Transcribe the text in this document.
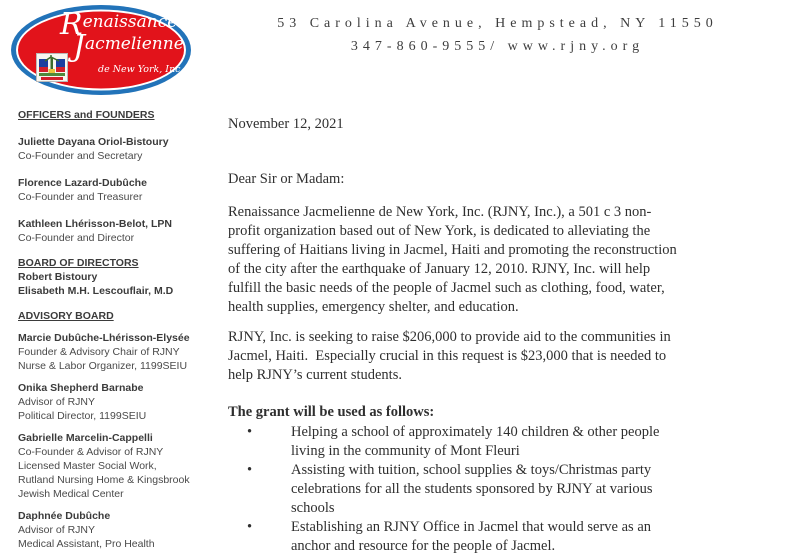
Renaissance
Jacmelienne
de New York, Inc.
53 Carolina Avenue, Hempstead, NY 11550
347-860-9555/ www.rjny.org
OFFICERS and FOUNDERS
Juliette Dayana Oriol-Bistoury
Co-Founder and Secretary
Florence Lazard-Dubûche
Co-Founder and Treasurer
Kathleen Lhérisson-Belot, LPN
Co-Founder and Director
BOARD OF DIRECTORS
Robert Bistoury
Elisabeth M.H. Lescouflair, M.D
ADVISORY BOARD
Marcie Dubûche-Lhérisson-Elysée
Founder & Advisory Chair of RJNY
Nurse & Labor Organizer, 1199SEIU
Onika Shepherd Barnabe
Advisor of RJNY
Political Director, 1199SEIU
Gabrielle Marcelin-Cappelli
Co-Founder & Advisor of RJNY
Licensed Master Social Work,
Rutland Nursing Home & Kingsbrook
Jewish Medical Center
Daphnée Dubûche
Advisor of RJNY
Medical Assistant, Pro Health
November 12, 2021
Dear Sir or Madam:
Renaissance Jacmelienne de New York, Inc. (RJNY, Inc.), a 501 c 3 non-
profit organization based out of New York, is dedicated to alleviating the
suffering of Haitians living in Jacmel, Haiti and promoting the reconstruction
of the city after the earthquake of January 12, 2010. RJNY, Inc. will help
fulfill the basic needs of the people of Jacmel such as clothing, food, water,
health supplies, emergency shelter, and education.
RJNY, Inc. is seeking to raise $206,000 to provide aid to the communities in
Jacmel, Haiti.  Especially crucial in this request is $23,000 that is needed to
help RJNY’s current students.
The grant will be used as follows:
•	Helping a school of approximately 140 children & other people
living in the community of Mont Fleuri
•	Assisting with tuition, school supplies & toys/Christmas party
celebrations for all the students sponsored by RJNY at various
schools
•	Establishing an RJNY Office in Jacmel that would serve as an
anchor and resource for the people of Jacmel.
